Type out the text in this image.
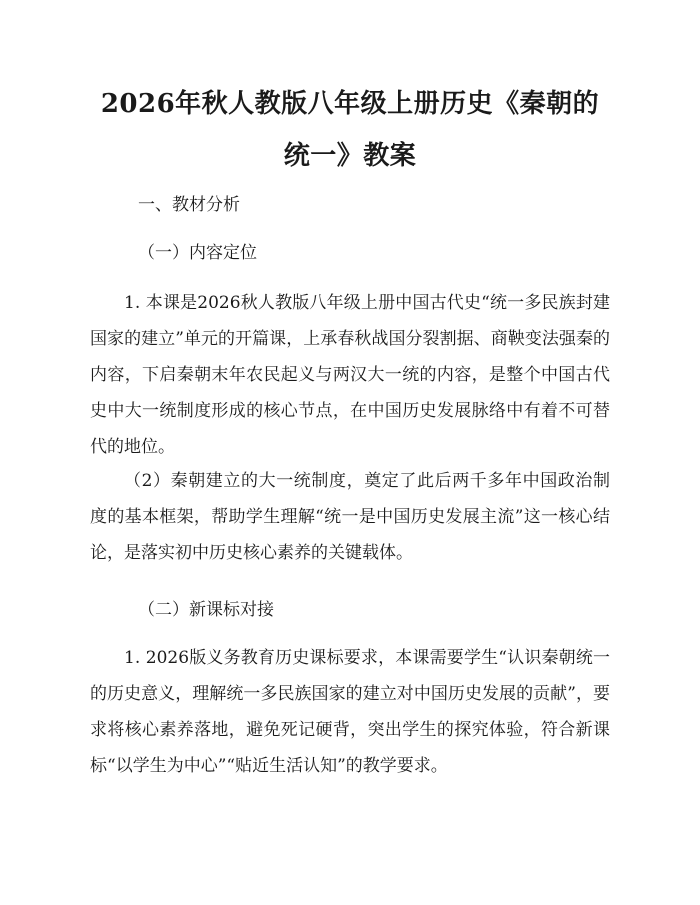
2026年秋人教版八年级上册历史《秦朝的统一》教案

一、教材分析

（一）内容定位

1. 本课是2026秋人教版八年级上册中国古代史“统一多民族封建国家的建立”单元的开篇课，上承春秋战国分裂割据、商鞅变法强秦的内容，下启秦朝末年农民起义与两汉大一统的内容，是整个中国古代史中大一统制度形成的核心节点，在中国历史发展脉络中有着不可替代的地位。

（2）秦朝建立的大一统制度，奠定了此后两千多年中国政治制度的基本框架，帮助学生理解“统一是中国历史发展主流”这一核心结论，是落实初中历史核心素养的关键载体。

（二）新课标对接

1. 2026版义务教育历史课标要求，本课需要学生“认识秦朝统一的历史意义，理解统一多民族国家的建立对中国历史发展的贡献”，要求将核心素养落地，避免死记硬背，突出学生的探究体验，符合新课标“以学生为中心”“贴近生活认知”的教学要求。
